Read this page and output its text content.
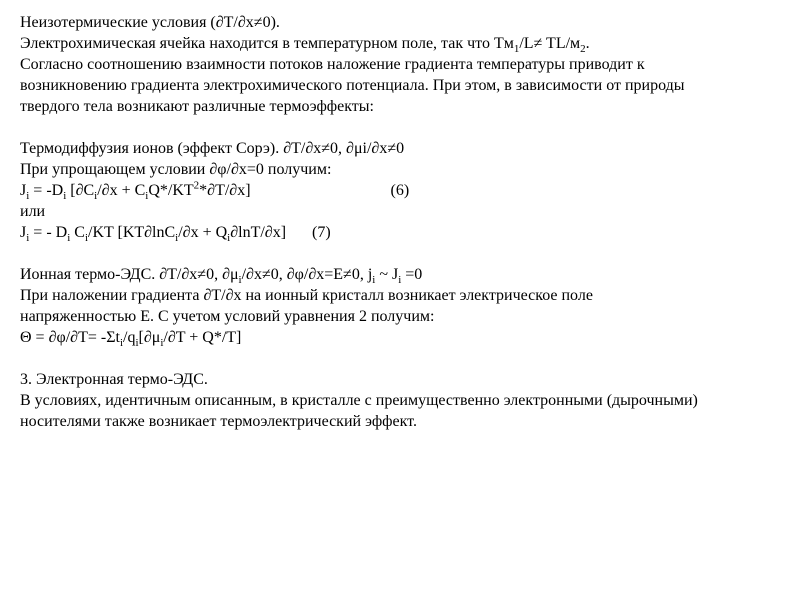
Неизотермические условия (∂T/∂x≠0).
Электрохимическая ячейка находится в температурном поле, так что $Tм_1/L\ne TL/м_2$.
Согласно соотношению взаимности потоков наложение градиента температуры приводит к
возникновению градиента электрохимического потенциала. При этом, в зависимости от природы
твердого тела возникают различные термоэффекты:
Термодиффузия ионов (эффект Сорэ). ∂T/∂x≠0, ∂μi/∂x≠0
При упрощающем условии ∂φ/∂x=0 получим:
$J_i = -D_i$ $[\partial C_i/\partial x + C_iQ*/KT^2*\partial T/\partial x]$	(6)
или
$J_i$ = - $D_i$ $C_i/KT$ $[KT\partial\ln C_i/\partial x + Q_i\partial\ln T/\partial x]$ (7)
Ионная термо-ЭДС. ∂T/∂x≠0, $\partial\mu_i/\partial x\ne 0$, ∂φ/∂x=E≠0, $j_i$ ~ $J_i =0$
При наложении градиента ∂T/∂x на ионный кристалл возникает электрическое поле
напряженностью E. С учетом условий уравнения 2 получим:
$\Theta = \partial\varphi/\partial T= -\Sigma t_i/q_i[\partial\mu_i/\partial T + Q*/T]$
3. Электронная термо-ЭДС.
В условиях, идентичным описанным, в кристалле с преимущественно электронными (дырочными)
носителями также возникает термоэлектрический эффект.
